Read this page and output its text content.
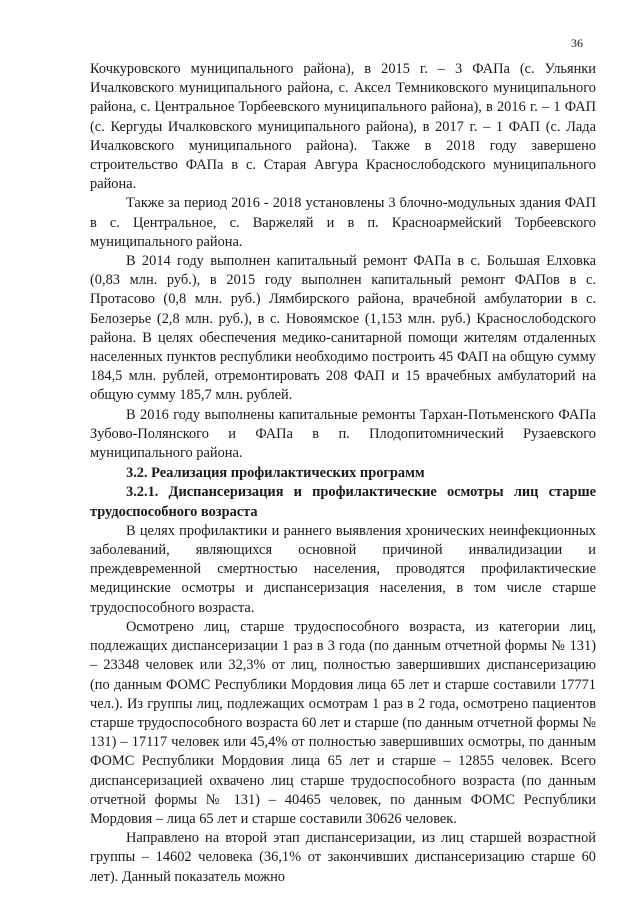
36

Кочкуровского муниципального района), в 2015 г. – 3 ФАПа (с. Ульянки Ичалковского муниципального района, с. Аксел Темниковского муниципального района, с. Центральное Торбеевского муниципального района), в 2016 г. – 1 ФАП (с. Кергуды Ичалковского муниципального района), в 2017 г. – 1 ФАП (с. Лада Ичалковского муниципального района). Также в 2018 году завершено строительство ФАПа в с. Старая Авгура Краснослободского муниципального района.

Также за период 2016 - 2018 установлены 3 блочно-модульных здания ФАП в с. Центральное, с. Варжеляй и в п. Красноармейский Торбеевского муниципального района.

В 2014 году выполнен капитальный ремонт ФАПа в с. Большая Елховка (0,83 млн. руб.), в 2015 году выполнен капитальный ремонт ФАПов в с. Протасово (0,8 млн. руб.) Лямбирского района, врачебной амбулатории в с. Белозерье (2,8 млн. руб.), в с. Новоямское (1,153 млн. руб.) Краснослободского района. В целях обеспечения медико-санитарной помощи жителям отдаленных населенных пунктов республики необходимо построить 45 ФАП на общую сумму 184,5 млн. рублей, отремонтировать 208 ФАП и 15 врачебных амбулаторий на общую сумму 185,7 млн. рублей.

В 2016 году выполнены капитальные ремонты Тархан-Потьменского ФАПа Зубово-Полянского и ФАПа в п. Плодопитомнический Рузаевского муниципального района.

3.2. Реализация профилактических программ
3.2.1. Диспансеризация и профилактические осмотры лиц старше трудоспособного возраста

В целях профилактики и раннего выявления хронических неинфекционных заболеваний, являющихся основной причиной инвалидизации и преждевременной смертностью населения, проводятся профилактические медицинские осмотры и диспансеризация населения, в том числе старше трудоспособного возраста.

Осмотрено лиц, старше трудоспособного возраста, из категории лиц, подлежащих диспансеризации 1 раз в 3 года (по данным отчетной формы № 131) – 23348 человек или 32,3% от лиц, полностью завершивших диспансеризацию (по данным ФОМС Республики Мордовия лица 65 лет и старше составили 17771 чел.). Из группы лиц, подлежащих осмотрам 1 раз в 2 года, осмотрено пациентов старше трудоспособного возраста 60 лет и старше (по данным отчетной формы № 131) – 17117 человек или 45,4% от полностью завершивших осмотры, по данным ФОМС Республики Мордовия лица 65 лет и старше – 12855 человек. Всего диспансеризацией охвачено лиц старше трудоспособного возраста (по данным отчетной формы № 131) – 40465 человек, по данным ФОМС Республики Мордовия – лица 65 лет и старше составили 30626 человек.

Направлено на второй этап диспансеризации, из лиц старшей возрастной группы – 14602 человека (36,1% от закончивших диспансеризацию старше 60 лет). Данный показатель можно
